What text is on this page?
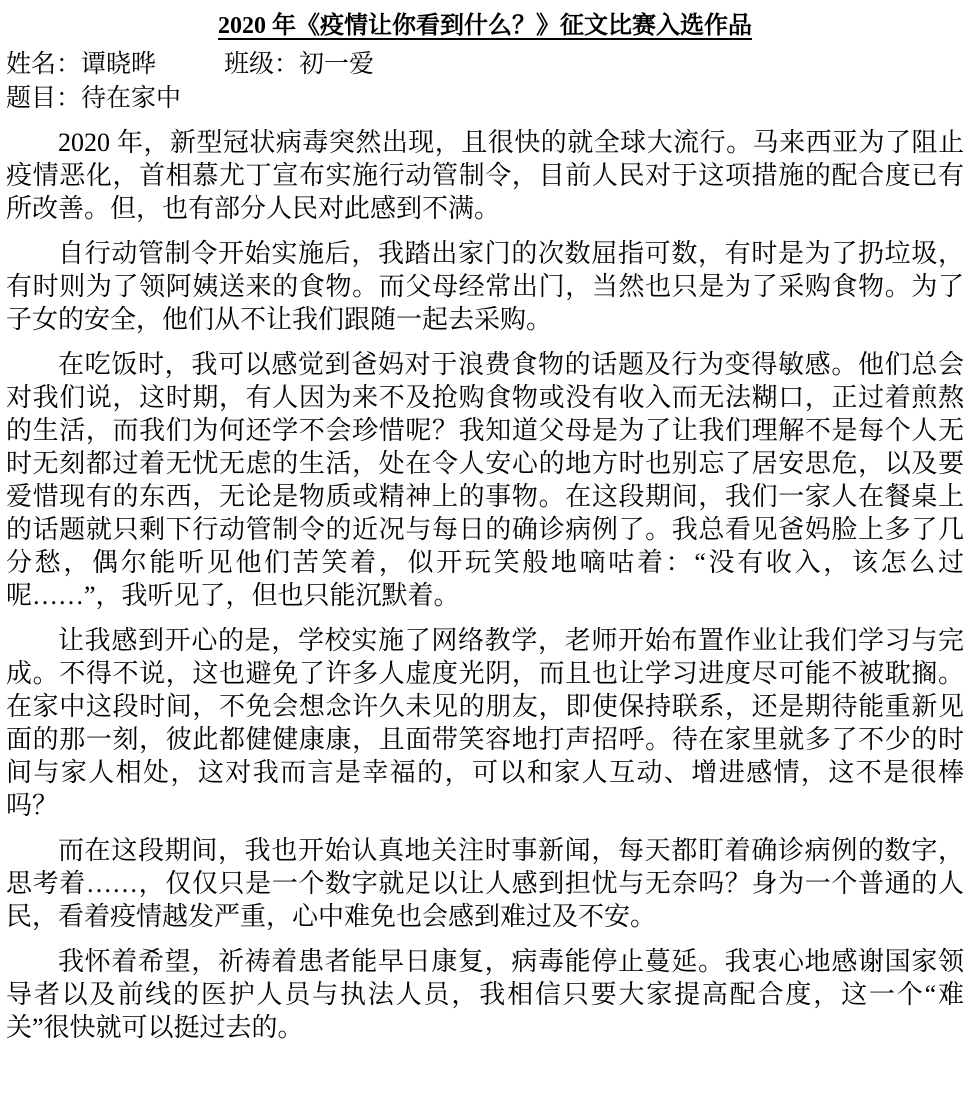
2020 年《疫情让你看到什么？》征文比赛入选作品
姓名：谭晓晔	班级：初一爱
题目：待在家中

2020 年，新型冠状病毒突然出现，且很快的就全球大流行。马来西亚为了阻止疫情恶化，首相慕尤丁宣布实施行动管制令，目前人民对于这项措施的配合度已有所改善。但，也有部分人民对此感到不满。

自行动管制令开始实施后，我踏出家门的次数屈指可数，有时是为了扔垃圾，有时则为了领阿姨送来的食物。而父母经常出门，当然也只是为了采购食物。为了子女的安全，他们从不让我们跟随一起去采购。

在吃饭时，我可以感觉到爸妈对于浪费食物的话题及行为变得敏感。他们总会对我们说，这时期，有人因为来不及抢购食物或没有收入而无法糊口，正过着煎熬的生活，而我们为何还学不会珍惜呢？我知道父母是为了让我们理解不是每个人无时无刻都过着无忧无虑的生活，处在令人安心的地方时也别忘了居安思危，以及要爱惜现有的东西，无论是物质或精神上的事物。在这段期间，我们一家人在餐桌上的话题就只剩下行动管制令的近况与每日的确诊病例了。我总看见爸妈脸上多了几分愁，偶尔能听见他们苦笑着，似开玩笑般地嘀咕着：“没有收入，该怎么过呢……”，我听见了，但也只能沉默着。

让我感到开心的是，学校实施了网络教学，老师开始布置作业让我们学习与完成。不得不说，这也避免了许多人虚度光阴，而且也让学习进度尽可能不被耽搁。在家中这段时间，不免会想念许久未见的朋友，即使保持联系，还是期待能重新见面的那一刻，彼此都健健康康，且面带笑容地打声招呼。待在家里就多了不少的时间与家人相处，这对我而言是幸福的，可以和家人互动、增进感情，这不是很棒吗？

而在这段期间，我也开始认真地关注时事新闻，每天都盯着确诊病例的数字，思考着……，仅仅只是一个数字就足以让人感到担忧与无奈吗？身为一个普通的人民，看着疫情越发严重，心中难免也会感到难过及不安。

我怀着希望，祈祷着患者能早日康复，病毒能停止蔓延。我衷心地感谢国家领导者以及前线的医护人员与执法人员，我相信只要大家提高配合度，这一个“难关”很快就可以挺过去的。
